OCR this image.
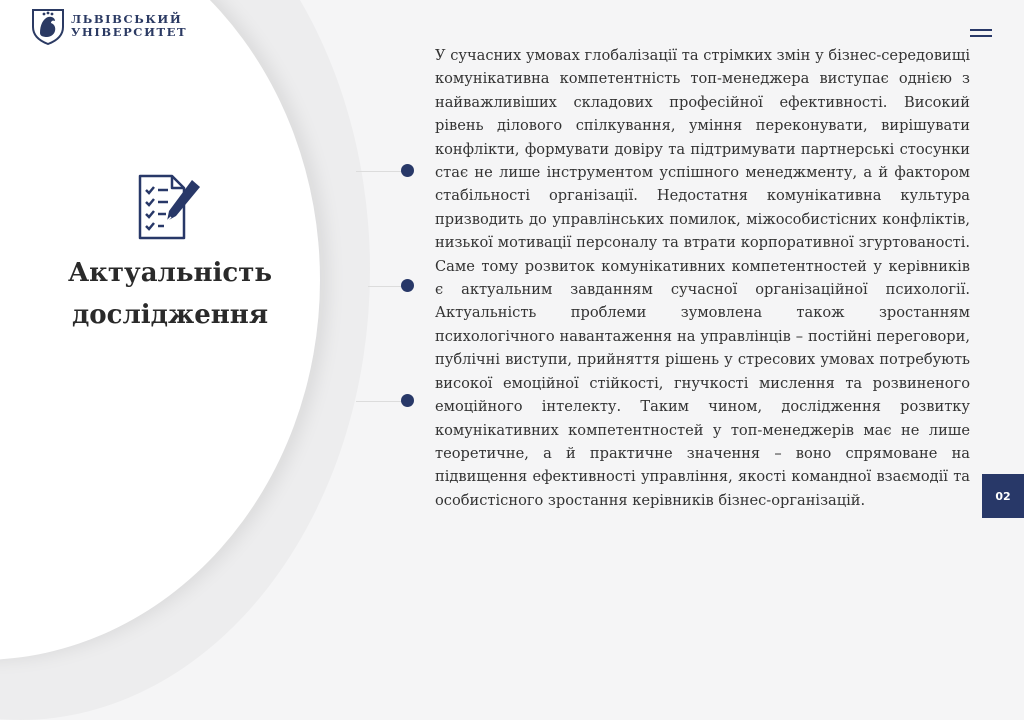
ЛЬВІВСЬКИЙ
УНІВЕРСИТЕТ
Актуальність
дослідження
У сучасних умовах глобалізації та стрімких змін у бізнес-середовищі комунікативна компетентність топ-менеджера виступає однією з найважливіших складових професійної ефективності. Високий рівень ділового спілкування, уміння переконувати, вирішувати конфлікти, формувати довіру та підтримувати партнерські стосунки стає не лише інструментом успішного менеджменту, а й фактором стабільності організації. Недостатня комунікативна культура призводить до управлінських помилок, міжособистісних конфліктів, низької мотивації персоналу та втрати корпоративної згуртованості. Саме тому розвиток комунікативних компетентностей у керівників є актуальним завданням сучасної організаційної психології. Актуальність проблеми зумовлена також зростанням психологічного навантаження на управлінців – постійні переговори, публічні виступи, прийняття рішень у стресових умовах потребують високої емоційної стійкості, гнучкості мислення та розвиненого емоційного інтелекту. Таким чином, дослідження розвитку комунікативних компетентностей у топ-менеджерів має не лише теоретичне, а й практичне значення – воно спрямоване на підвищення ефективності управління, якості командної взаємодії та особистісного зростання керівників бізнес-організацій.	02
